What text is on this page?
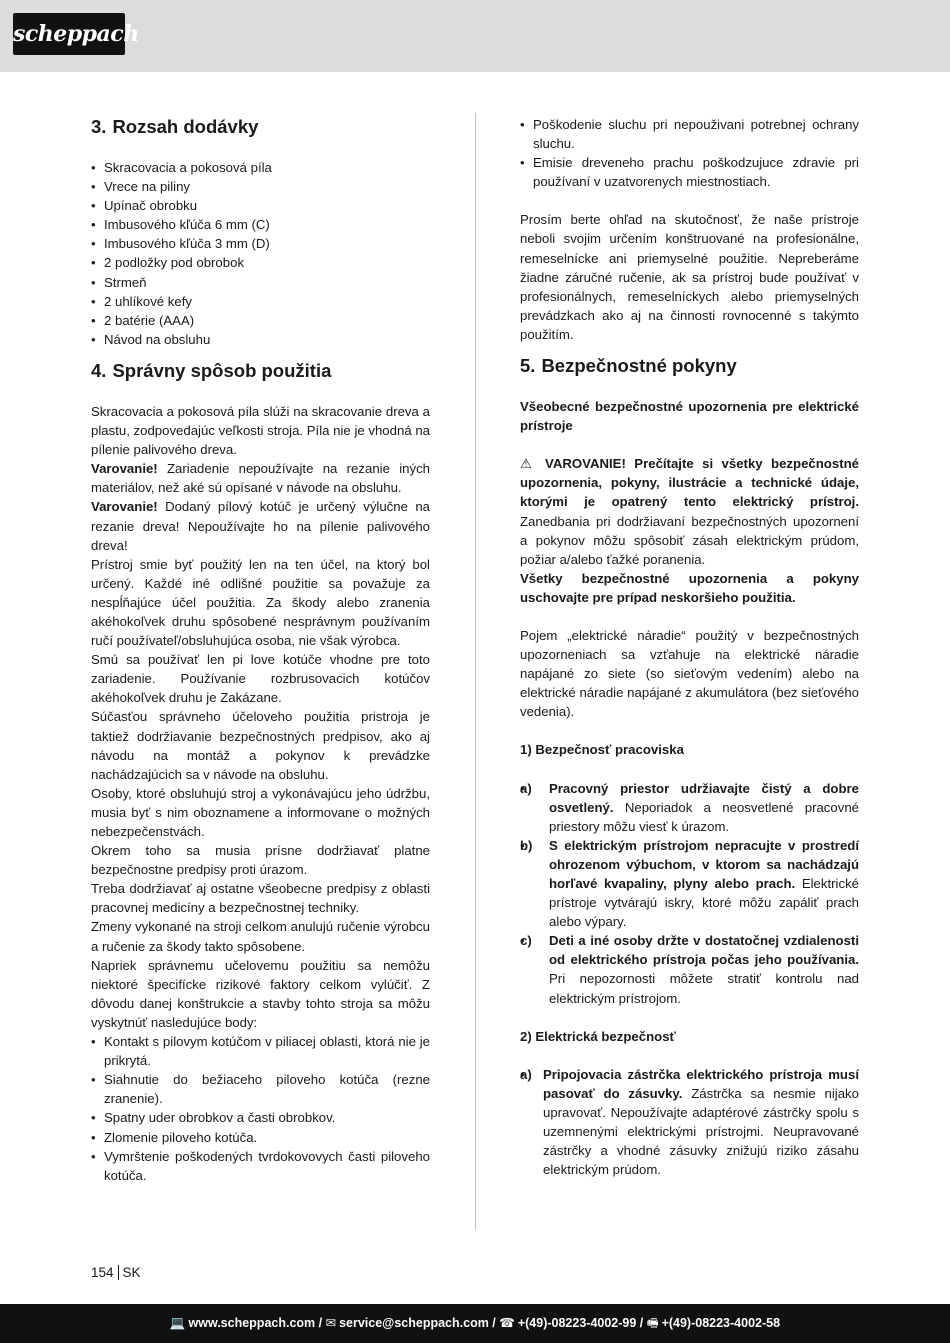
scheppach
3. Rozsah dodávky
• Skracovacia a pokosová píla
• Vrece na piliny
• Upínač obrobku
• Imbusového kľúča 6 mm (C)
• Imbusového kľúča 3 mm (D)
• 2 podložky pod obrobok
• Strmeň
• 2 uhlíkové kefy
• 2 batérie (AAA)
• Návod na obsluhu
4. Správny spôsob použitia

Skracovacia a pokosová píla slúži na skracovanie dreva a plastu, zodpovedajúc veľkosti stroja. Píla nie je vhodná na pílenie palivového dreva.

Varovanie! Zariadenie nepoužívajte na rezanie iných materiálov, než aké sú opísané v návode na obsluhu.

Varovanie! Dodaný pílový kotúč je určený výlučne na rezanie dreva! Nepoužívajte ho na pílenie palivového dreva!

Prístroj smie byť použitý len na ten účel, na ktorý bol určený. Každé iné odlišné použitie sa považuje za nespĺňajúce účel použitia. Za škody alebo zranenia akéhokoľvek druhu spôsobené nesprávnym používaním ručí používateľ/obsluhujúca osoba, nie však výrobca.

Smú sa používať len pi love kotúče vhodne pre toto zariadenie. Používanie rozbrusovacich kotúčov akéhokoľvek druhu je Zakázane.

Súčasťou správneho účeloveho použitia pristroja je taktiež dodržiavanie bezpečnostných predpisov, ako aj návodu na montáž a pokynov k prevádzke nachádzajúcich sa v návode na obsluhu.

Osoby, ktoré obsluhujú stroj a vykonávajúcu jeho údržbu, musia byť s nim oboznamene a informovane o možných nebezpečenstvách.

Okrem toho sa musia prísne dodržiavať platne bezpečnostne predpisy proti úrazom.

Treba dodržiavať aj ostatne všeobecne predpisy z oblasti pracovnej medicíny a bezpečnostnej techniky.

Zmeny vykonané na stroji celkom anulujú ručenie výrobcu a ručenie za škody takto spôsobene.

Napriek správnemu učelovemu použitiu sa nemôžu niektoré špecifícke rizikové faktory celkom vylúčiť. Z dôvodu danej konštrukcie a stavby tohto stroja sa môžu vyskytnúť nasledujúce body:

• Kontakt s pilovym kotúčom v piliacej oblasti, ktorá nie je prikrytá.
• Siahnutie do bežiaceho piloveho kotúča (rezne zranenie).
• Spatny uder obrobkov a časti obrobkov.
• Zlomenie piloveho kotúča.
• Vymrštenie poškodených tvrdokovovych časti piloveho kotúča.
• Poškodenie sluchu pri nepouživani potrebnej ochrany sluchu.
• Emisie dreveneho prachu poškodzujuce zdravie pri používaní v uzatvorenych miestnostiach.

Prosím berte ohľad na skutočnosť, že naše prístroje neboli svojim určením konštruované na profesionálne, remeselnícke ani priemyselné použitie. Nepreberáme žiadne záručné ručenie, ak sa prístroj bude používať v profesionálnych, remeselníckych alebo priemyselných prevádzkach ako aj na činnosti rovnocenné s takýmto použitím.

5. Bezpečnostné pokyny

Všeobecné bezpečnostné upozornenia pre elektrické prístroje

⚠ VAROVANIE! Prečítajte si všetky bezpečnostné upozornenia, pokyny, ilustrácie a technické údaje, ktorými je opatrený tento elektrický prístroj. Zanedbania pri dodržiavaní bezpečnostných upozornení a pokynov môžu spôsobiť zásah elektrickým prúdom, požiar a/alebo ťažké poranenia.

Všetky bezpečnostné upozornenia a pokyny uschovajte pre prípad neskoršieho použitia.

Pojem „elektrické náradie“ použitý v bezpečnostných upozorneniach sa vzťahuje na elektrické náradie napájané zo siete (so sieťovým vedením) alebo na elektrické náradie napájané z akumulátora (bez sieťového vedenia).

1) Bezpečnosť pracoviska

• a) Pracovný priestor udržiavajte čistý a dobre osvetlený. Neporiadok a neosvetlené pracovné priestory môžu viesť k úrazom.
• b) S elektrickým prístrojom nepracujte v prostredí ohrozenom výbuchom, v ktorom sa nachádzajú horľavé kvapaliny, plyny alebo prach. Elektrické prístroje vytvárajú iskry, ktoré môžu zapáliť prach alebo výpary.
• c) Deti a iné osoby držte v dostatočnej vzdialenosti od elektrického prístroja počas jeho používania. Pri nepozornosti môžete stratiť kontrolu nad elektrickým prístrojom.

2) Elektrická bezpečnosť

• a) Pripojovacia zástrčka elektrického prístroja musí pasovať do zásuvky. Zástrčka sa nesmie nijako upravovať. Nepoužívajte adaptérové zástrčky spolu s uzemnenými elektrickými prístrojmi. Neupravované zástrčky a vhodné zásuvky znižujú riziko zásahu elektrickým prúdom.
154 SK
💻 www.scheppach.com / ✉ service@scheppach.com / ☎ +(49)-08223-4002-99 / 🖷 +(49)-08223-4002-58
